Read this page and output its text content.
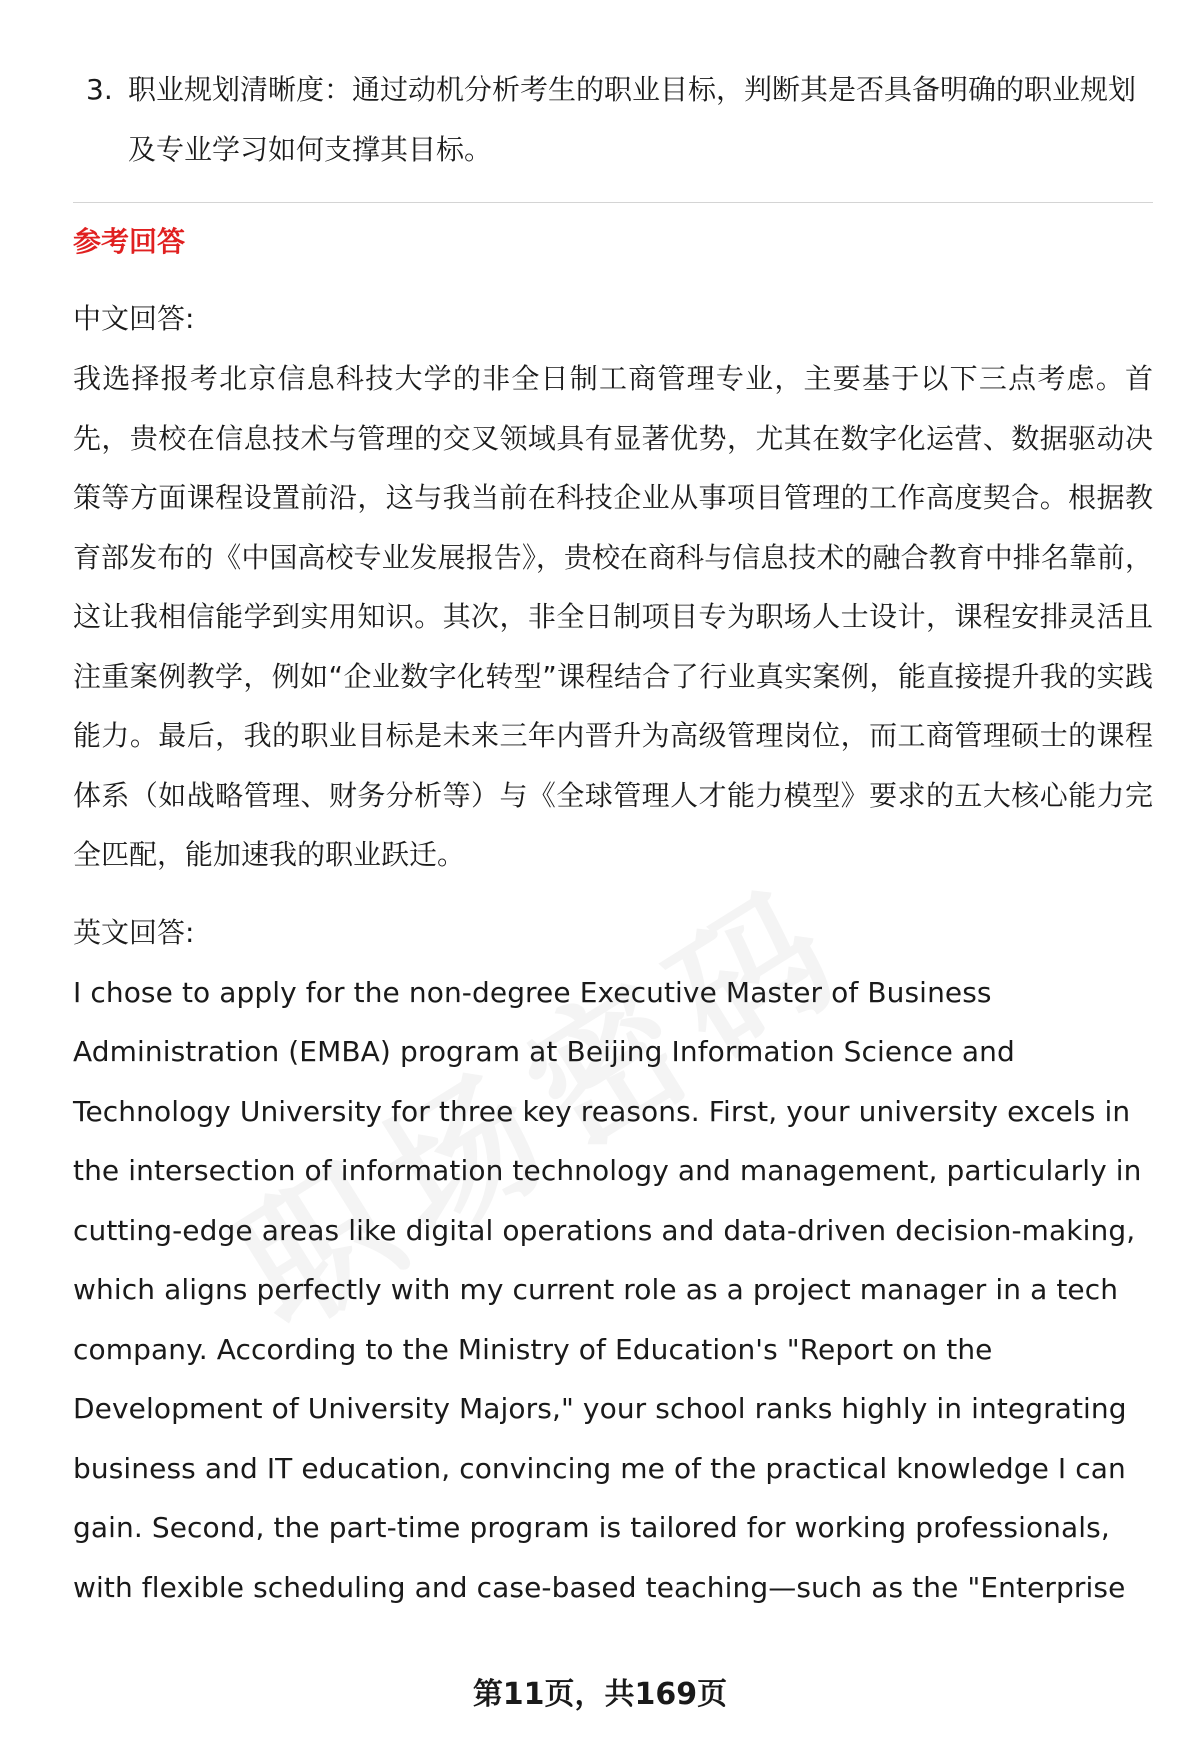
3. 职业规划清晰度：通过动机分析考生的职业目标，判断其是否具备明确的职业规划及专业学习如何支撑其目标。
参考回答
中文回答:
我选择报考北京信息科技大学的非全日制工商管理专业，主要基于以下三点考虑。首先，贵校在信息技术与管理的交叉领域具有显著优势，尤其在数字化运营、数据驱动决策等方面课程设置前沿，这与我当前在科技企业从事项目管理的工作高度契合。根据教育部发布的《中国高校专业发展报告》，贵校在商科与信息技术的融合教育中排名靠前，这让我相信能学到实用知识。其次，非全日制项目专为职场人士设计，课程安排灵活且注重案例教学，例如“企业数字化转型”课程结合了行业真实案例，能直接提升我的实践能力。最后，我的职业目标是未来三年内晋升为高级管理岗位，而工商管理硕士的课程体系（如战略管理、财务分析等）与《全球管理人才能力模型》要求的五大核心能力完全匹配，能加速我的职业跃迁。
英文回答:
I chose to apply for the non-degree Executive Master of Business Administration (EMBA) program at Beijing Information Science and Technology University for three key reasons. First, your university excels in the intersection of information technology and management, particularly in cutting-edge areas like digital operations and data-driven decision-making, which aligns perfectly with my current role as a project manager in a tech company. According to the Ministry of Education's "Report on the Development of University Majors," your school ranks highly in integrating business and IT education, convincing me of the practical knowledge I can gain. Second, the part-time program is tailored for working professionals, with flexible scheduling and case-based teaching—such as the "Enterprise
第11页，共169页
